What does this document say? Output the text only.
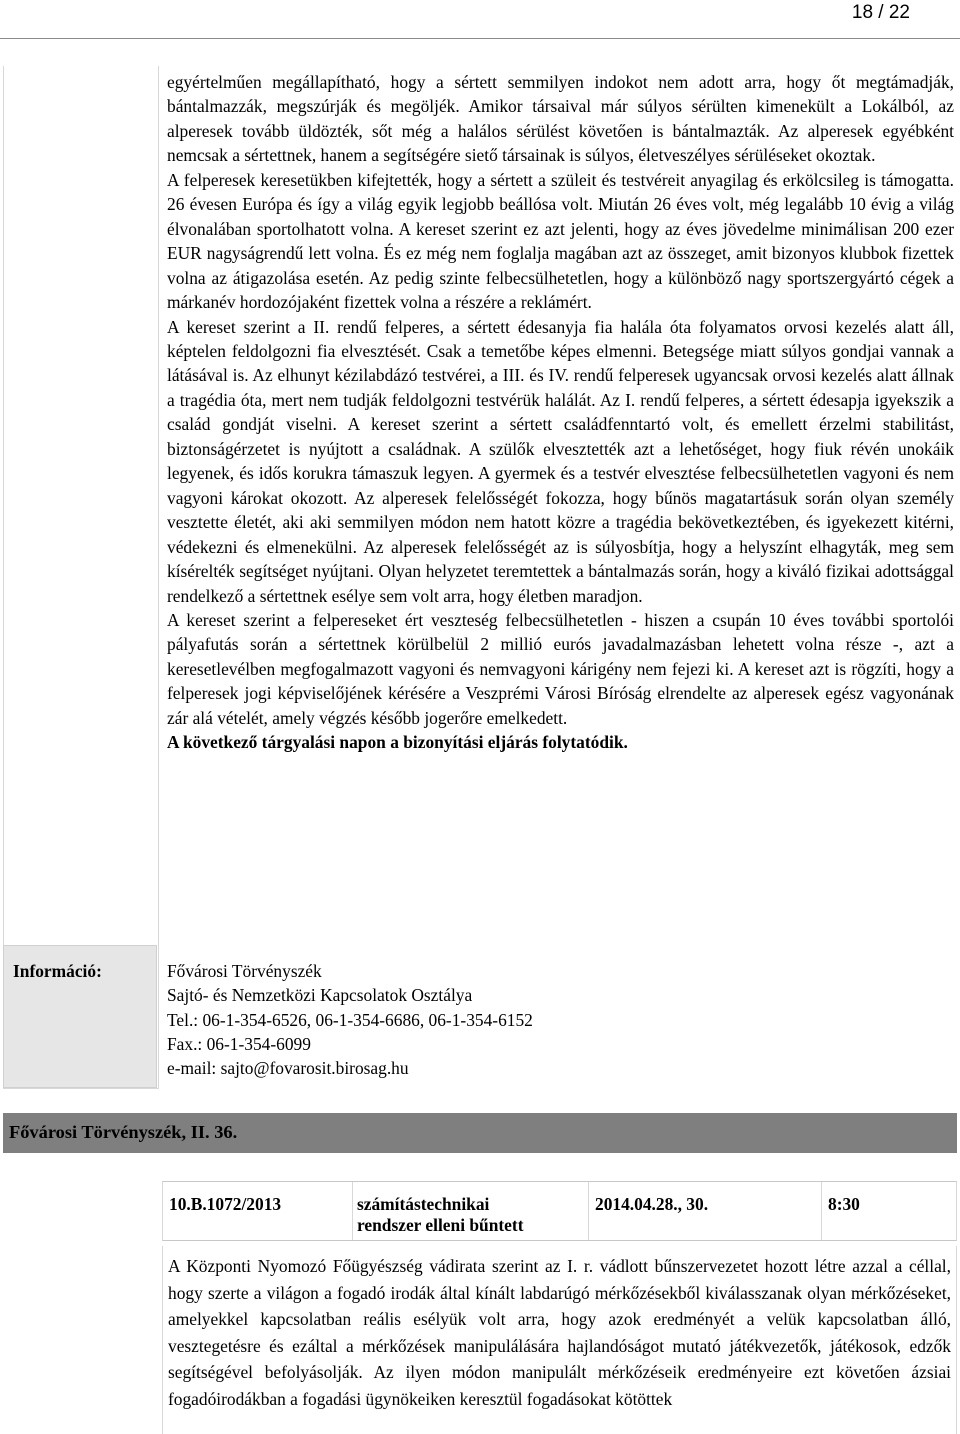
18 / 22
Információ:

egyértelműen megállapítható, hogy a sértett semmilyen indokot nem adott arra, hogy őt megtámadják, bántalmazzák, megszúrják és megöljék. Amikor társaival már súlyos sérülten kimenekült a Lokálból, az alperesek tovább üldözték, sőt még a halálos sérülést követően is bántalmazták. Az alperesek egyébként nemcsak a sértettnek, hanem a segítségére siető társainak is súlyos, életveszélyes sérüléseket okoztak.

A felperesek keresetükben kifejtették, hogy a sértett a szüleit és testvéreit anyagilag és erkölcsileg is támogatta. 26 évesen Európa és így a világ egyik legjobb beállósa volt. Miután 26 éves volt, még legalább 10 évig a világ élvonalában sportolhatott volna. A kereset szerint ez azt jelenti, hogy az éves jövedelme minimálisan 200 ezer EUR nagyságrendű lett volna. És ez még nem foglalja magában azt az összeget, amit bizonyos klubbok fizettek volna az átigazolása esetén. Az pedig szinte felbecsülhetetlen, hogy a különböző nagy sportszergyártó cégek a márkanév hordozójaként fizettek volna a részére a reklámért.

A kereset szerint a II. rendű felperes, a sértett édesanyja fia halála óta folyamatos orvosi kezelés alatt áll, képtelen feldolgozni fia elvesztését. Csak a temetőbe képes elmenni. Betegsége miatt súlyos gondjai vannak a látásával is. Az elhunyt kézilabdázó testvérei, a III. és IV. rendű felperesek ugyancsak orvosi kezelés alatt állnak a tragédia óta, mert nem tudják feldolgozni testvérük halálát. Az I. rendű felperes, a sértett édesapja igyekszik a család gondját viselni. A kereset szerint a sértett családfenntartó volt, és emellett érzelmi stabilitást, biztonságérzetet is nyújtott a családnak. A szülők elvesztették azt a lehetőséget, hogy fiuk révén unokáik legyenek, és idős korukra támaszuk legyen. A gyermek és a testvér elvesztése felbecsülhetetlen vagyoni és nem vagyoni károkat okozott. Az alperesek felelősségét fokozza, hogy bűnös magatartásuk során olyan személy vesztette életét, aki aki semmilyen módon nem hatott közre a tragédia bekövetkeztében, és igyekezett kitérni, védekezni és elmenekülni. Az alperesek felelősségét az is súlyosbítja, hogy a helyszínt elhagyták, meg sem kísérelték segítséget nyújtani. Olyan helyzetet teremtettek a bántalmazás során, hogy a kiváló fizikai adottsággal rendelkező a sértettnek esélye sem volt arra, hogy életben maradjon.

A kereset szerint a felpereseket ért veszteség felbecsülhetetlen - hiszen a csupán 10 éves további sportolói pályafutás során a sértettnek körülbelül 2 millió eurós javadalmazásban lehetett volna része -, azt a keresetlevélben megfogalmazott vagyoni és nemvagyoni kárigény nem fejezi ki. A kereset azt is rögzíti, hogy a felperesek jogi képviselőjének kérésére a Veszprémi Városi Bíróság elrendelte az alperesek egész vagyonának zár alá vételét, amely végzés később jogerőre emelkedett.

A következő tárgyalási napon a bizonyítási eljárás folytatódik.

Fővárosi Törvényszék
Sajtó- és Nemzetközi Kapcsolatok Osztálya
Tel.: 06-1-354-6526, 06-1-354-6686, 06-1-354-6152
Fax.: 06-1-354-6099
e-mail: sajto@fovarosit.birosag.hu
Fővárosi Törvényszék, II. 36.
10.B.1072/2013	számítástechnikai rendszer elleni bűntett
2014.04.28., 30.	8:30

A Központi Nyomozó Főügyészség vádirata szerint az I. r. vádlott bűnszervezetet hozott létre azzal a céllal, hogy szerte a világon a fogadó irodák által kínált labdarúgó mérkőzésekből kiválasszanak olyan mérkőzéseket, amelyekkel kapcsolatban reális esélyük volt arra, hogy azok eredményét a velük kapcsolatban álló, vesztegetésre és ezáltal a mérkőzések manipulálására hajlandóságot mutató játékvezetők, játékosok, edzők segítségével befolyásolják. Az ilyen módon manipulált mérkőzéseik eredményeire ezt követően ázsiai fogadóirodákban a fogadási ügynökeiken keresztül fogadásokat kötöttek
